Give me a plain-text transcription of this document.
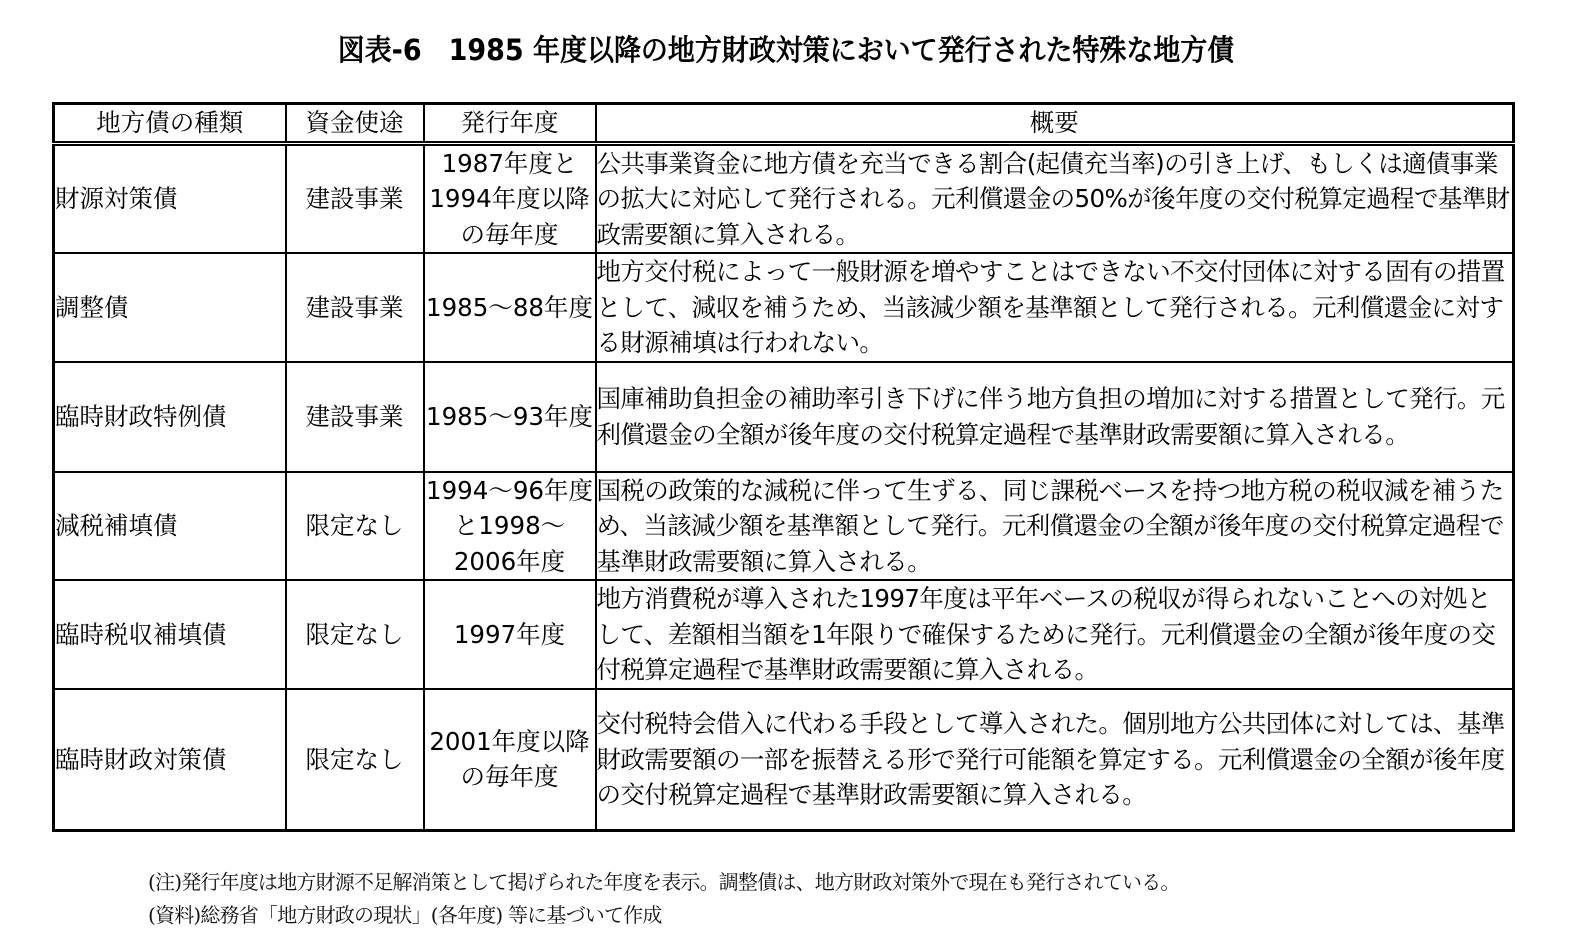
図表-6　1985 年度以降の地方財政対策において発行された特殊な地方債
地方債の種類	資金使途	発行年度	概要
財源対策債	建設事業	1987年度と1994年度以降の毎年度	公共事業資金に地方債を充当できる割合(起債充当率)の引き上げ、もしくは適債事業の拡大に対応して発行される。元利償還金の50%が後年度の交付税算定過程で基準財政需要額に算入される。
調整債	建設事業	1985～88年度	地方交付税によって一般財源を増やすことはできない不交付団体に対する固有の措置として、減収を補うため、当該減少額を基準額として発行される。元利償還金に対する財源補填は行われない。
臨時財政特例債	建設事業	1985～93年度	国庫補助負担金の補助率引き下げに伴う地方負担の増加に対する措置として発行。元利償還金の全額が後年度の交付税算定過程で基準財政需要額に算入される。
減税補填債	限定なし	1994～96年度と1998～2006年度	国税の政策的な減税に伴って生ずる、同じ課税ベースを持つ地方税の税収減を補うため、当該減少額を基準額として発行。元利償還金の全額が後年度の交付税算定過程で基準財政需要額に算入される。
臨時税収補填債	限定なし	1997年度	地方消費税が導入された1997年度は平年ベースの税収が得られないことへの対処として、差額相当額を1年限りで確保するために発行。元利償還金の全額が後年度の交付税算定過程で基準財政需要額に算入される。
臨時財政対策債	限定なし	2001年度以降の毎年度	交付税特会借入に代わる手段として導入された。個別地方公共団体に対しては、基準財政需要額の一部を振替える形で発行可能額を算定する。元利償還金の全額が後年度の交付税算定過程で基準財政需要額に算入される。
(注)発行年度は地方財源不足解消策として掲げられた年度を表示。調整債は、地方財政対策外で現在も発行されている。
(資料)総務省「地方財政の現状」(各年度) 等に基づいて作成
